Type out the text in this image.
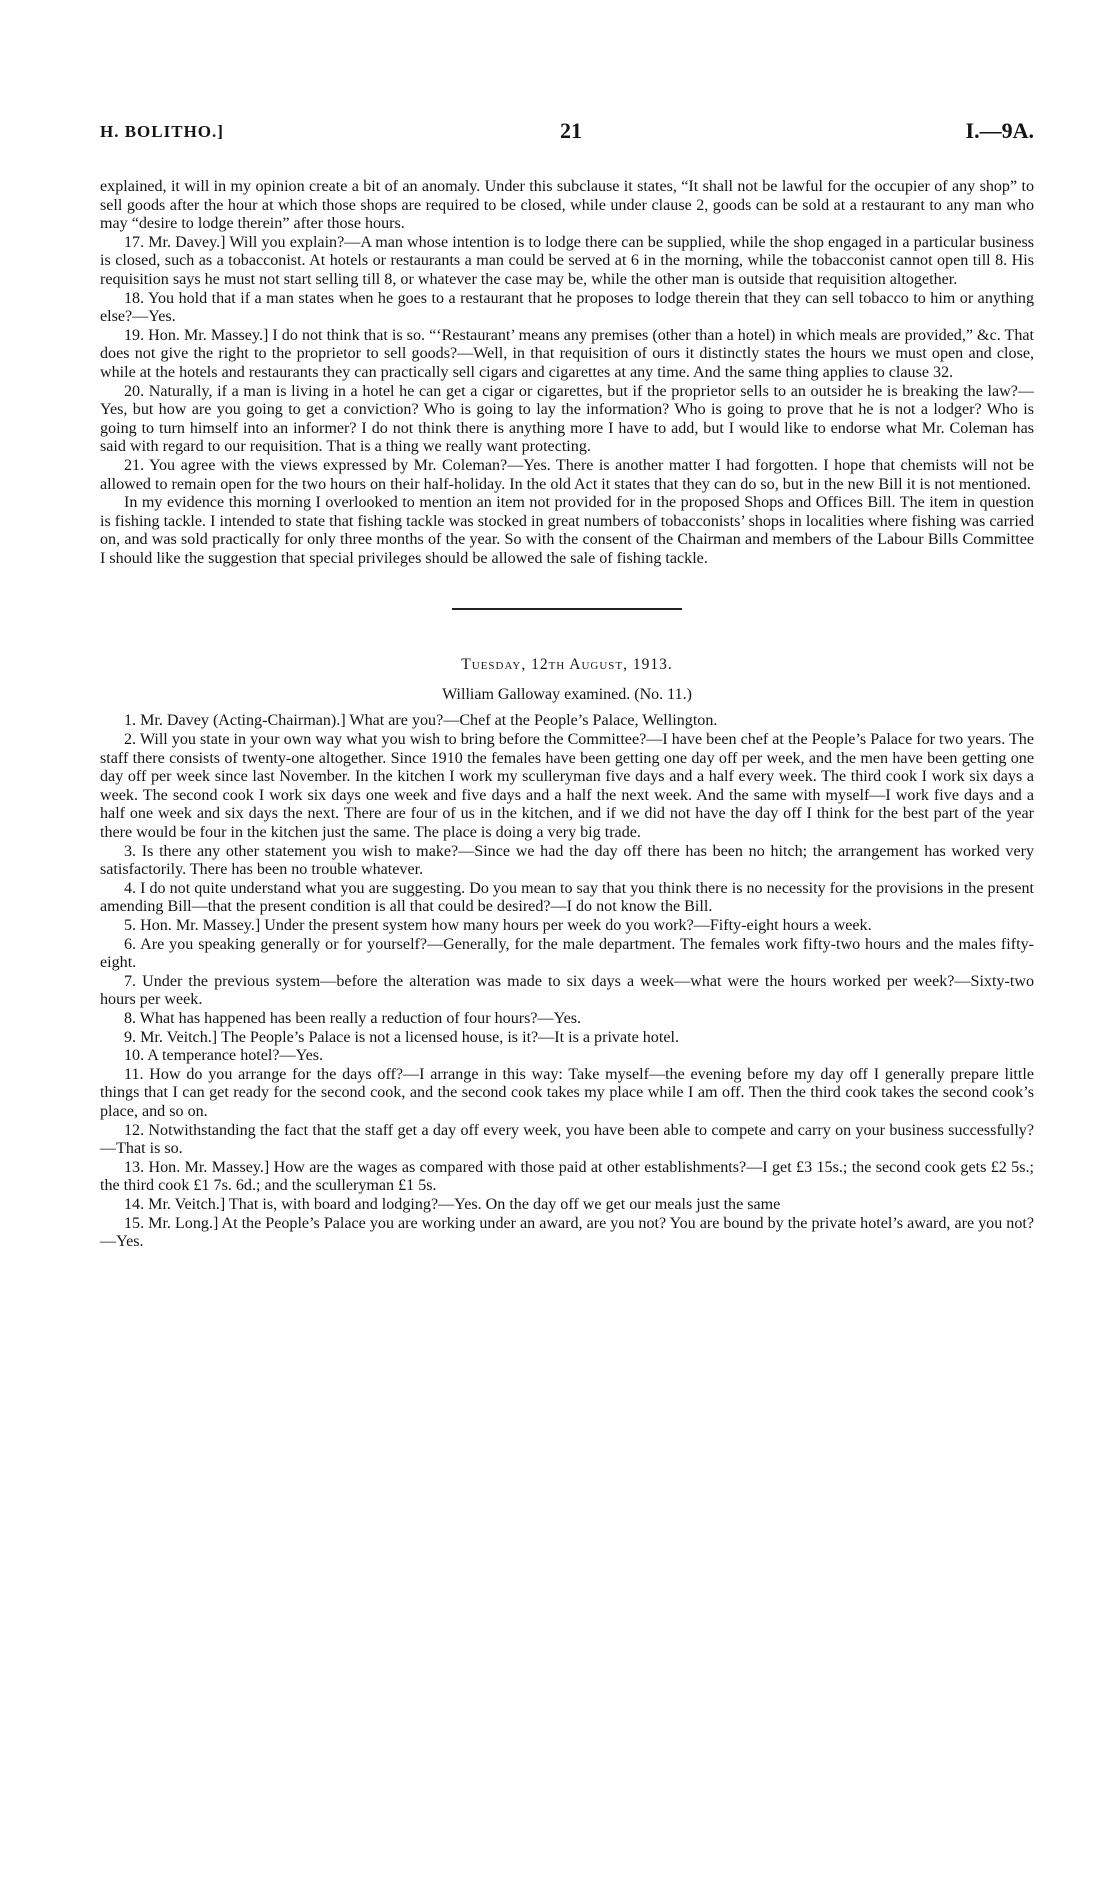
H. BOLITHO.]	21	I.—9A.

explained, it will in my opinion create a bit of an anomaly. Under this subclause it states, “It shall not be lawful for the occupier of any shop” to sell goods after the hour at which those shops are required to be closed, while under clause 2, goods can be sold at a restaurant to any man who may “desire to lodge therein” after those hours.

17. Mr. Davey.] Will you explain?—A man whose intention is to lodge there can be supplied, while the shop engaged in a particular business is closed, such as a tobacconist. At hotels or restaurants a man could be served at 6 in the morning, while the tobacconist cannot open till 8. His requisition says he must not start selling till 8, or whatever the case may be, while the other man is outside that requisition altogether.

18. You hold that if a man states when he goes to a restaurant that he proposes to lodge therein that they can sell tobacco to him or anything else?—Yes.

19. Hon. Mr. Massey.] I do not think that is so. “‘Restaurant’ means any premises (other than a hotel) in which meals are provided,” &c. That does not give the right to the proprietor to sell goods?—Well, in that requisition of ours it distinctly states the hours we must open and close, while at the hotels and restaurants they can practically sell cigars and cigarettes at any time. And the same thing applies to clause 32.

20. Naturally, if a man is living in a hotel he can get a cigar or cigarettes, but if the proprietor sells to an outsider he is breaking the law?—Yes, but how are you going to get a conviction? Who is going to lay the information? Who is going to prove that he is not a lodger? Who is going to turn himself into an informer? I do not think there is anything more I have to add, but I would like to endorse what Mr. Coleman has said with regard to our requisition. That is a thing we really want protecting.

21. You agree with the views expressed by Mr. Coleman?—Yes. There is another matter I had forgotten. I hope that chemists will not be allowed to remain open for the two hours on their half-holiday. In the old Act it states that they can do so, but in the new Bill it is not mentioned.

In my evidence this morning I overlooked to mention an item not provided for in the proposed Shops and Offices Bill. The item in question is fishing tackle. I intended to state that fishing tackle was stocked in great numbers of tobacconists’ shops in localities where fishing was carried on, and was sold practically for only three months of the year. So with the consent of the Chairman and members of the Labour Bills Committee I should like the suggestion that special privileges should be allowed the sale of fishing tackle.

Tuesday, 12th August, 1913.
William Galloway examined. (No. 11.)

1. Mr. Davey (Acting-Chairman).] What are you?—Chef at the People’s Palace, Wellington.

2. Will you state in your own way what you wish to bring before the Committee?—I have been chef at the People’s Palace for two years. The staff there consists of twenty-one altogether. Since 1910 the females have been getting one day off per week, and the men have been getting one day off per week since last November. In the kitchen I work my sculleryman five days and a half every week. The third cook I work six days a week. The second cook I work six days one week and five days and a half the next week. And the same with myself—I work five days and a half one week and six days the next. There are four of us in the kitchen, and if we did not have the day off I think for the best part of the year there would be four in the kitchen just the same. The place is doing a very big trade.

3. Is there any other statement you wish to make?—Since we had the day off there has been no hitch; the arrangement has worked very satisfactorily. There has been no trouble whatever.

4. I do not quite understand what you are suggesting. Do you mean to say that you think there is no necessity for the provisions in the present amending Bill—that the present condition is all that could be desired?—I do not know the Bill.

5. Hon. Mr. Massey.] Under the present system how many hours per week do you work?—Fifty-eight hours a week.

6. Are you speaking generally or for yourself?—Generally, for the male department. The females work fifty-two hours and the males fifty-eight.

7. Under the previous system—before the alteration was made to six days a week—what were the hours worked per week?—Sixty-two hours per week.

8. What has happened has been really a reduction of four hours?—Yes.

9. Mr. Veitch.] The People’s Palace is not a licensed house, is it?—It is a private hotel.

10. A temperance hotel?—Yes.

11. How do you arrange for the days off?—I arrange in this way: Take myself—the evening before my day off I generally prepare little things that I can get ready for the second cook, and the second cook takes my place while I am off. Then the third cook takes the second cook’s place, and so on.

12. Notwithstanding the fact that the staff get a day off every week, you have been able to compete and carry on your business successfully?—That is so.

13. Hon. Mr. Massey.] How are the wages as compared with those paid at other establishments?—I get £3 15s.; the second cook gets £2 5s.; the third cook £1 7s. 6d.; and the sculleryman £1 5s.

14. Mr. Veitch.] That is, with board and lodging?—Yes. On the day off we get our meals just the same

15. Mr. Long.] At the People’s Palace you are working under an award, are you not? You are bound by the private hotel’s award, are you not?—Yes.
